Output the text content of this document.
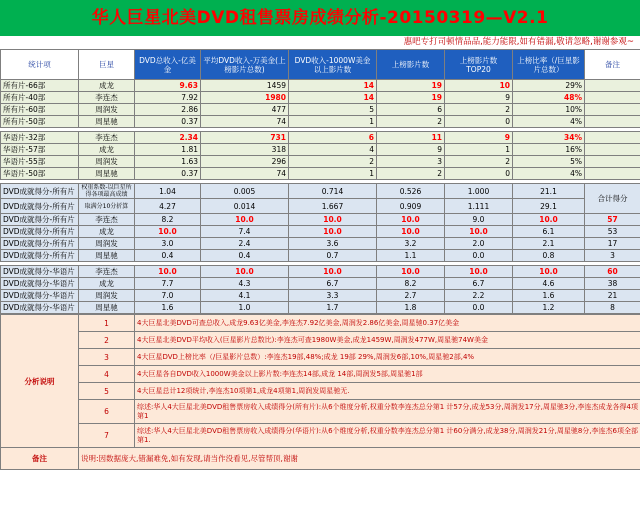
华人巨星北美DVD租售票房成绩分析-20150319—V2.1
惠吧专打司顿情品品,能力能限,如有错漏,敬请忽略,谢谢参观~
统计项	巨星	DVD总收入-亿美金	平均DVD收入-万美金(上榜影片总数)	DVD收入-1000W美金以上影片数	上榜影片数	上榜影片数 TOP20	上榜比率（/巨星影片总数）	备注
所有片-66部	成龙	9.63	1459	14	19	10	29%	
所有片-40部	李连杰	7.92	1980	14	19	9	48%	
所有片-60部	周润发	2.86	477	5	6	2	10%	
所有片-50部	周星驰	0.37	74	1	2	0	4%	

华语片-32部	李连杰	2.34	731	6	11	9	34%	
华语片-57部	成龙	1.81	318	4	9	1	16%	
华语片-55部	周润发	1.63	296	2	3	2	5%	
华语片-50部	周星驰	0.37	74	1	2	0	4%	

DVD成就得分-所有片	权重系数-以巨星所得各项最高成绩	1.04	0.005	0.714	0.526	1.000	21.1	合计得分
DVD成就得分-所有片	取满分10分折算	4.27	0.014	1.667	0.909	1.111	29.1	
DVD成就得分-所有片	李连杰	8.2	10.0	10.0	10.0	9.0	10.0	57
DVD成就得分-所有片	成龙	10.0	7.4	10.0	10.0	10.0	6.1	53
DVD成就得分-所有片	周润发	3.0	2.4	3.6	3.2	2.0	2.1	17
DVD成就得分-所有片	周星驰	0.4	0.4	0.7	1.1	0.0	0.8	3

DVD成就得分-华语片	李连杰	10.0	10.0	10.0	10.0	10.0	10.0	60
DVD成就得分-华语片	成龙	7.7	4.3	6.7	8.2	6.7	4.6	38
DVD成就得分-华语片	周润发	7.0	4.1	3.3	2.7	2.2	1.6	21
DVD成就得分-华语片	周星驰	1.6	1.0	1.7	1.8	0.0	1.2	8
分析说明	1	4大巨星北美DVD可查总收入,成龙9.63亿美金,李连杰7.92亿美金,周润发2.86亿美金,周星驰0.37亿美金
	2	4大巨星北美DVD平均收入(巨星影片总数比):李连杰可查1980W美金,成龙1459W,周润发477W,周星驰74W美金
	3	4大巨星DVD上榜比率（/巨星影片总数）:李连杰19部,48%;成龙 19部 29%,周润发6部,10%,周星驰2部,4%
	4	4大巨星各自DVD收入1000W美金以上影片数:李连杰14部,成龙 14部,周润发5部,周星驰1部
	5	4大巨星总计12项统计,李连杰10项第1,成龙4项第1,周润发周星驰无.
	6	综述:华人4大巨星北美DVD租售票房收入成绩得分(所有片):从6个维度分析,权重分数李连杰总分第1 计57分,成龙53分,周润发17分,周星驰3分,李连杰成龙各得4项第1
	7	综述:华人4大巨星北美DVD租售票房收入成绩得分(华语片):从6个维度分析,权重分数李连杰总分第1 计60分满分,成龙38分,周润发21分,周星驰8分,李连杰6项全部第1.
备注	说明:因数据庞大,错漏难免,如有发现,请当作没看见,尽管帮顶,谢谢	
